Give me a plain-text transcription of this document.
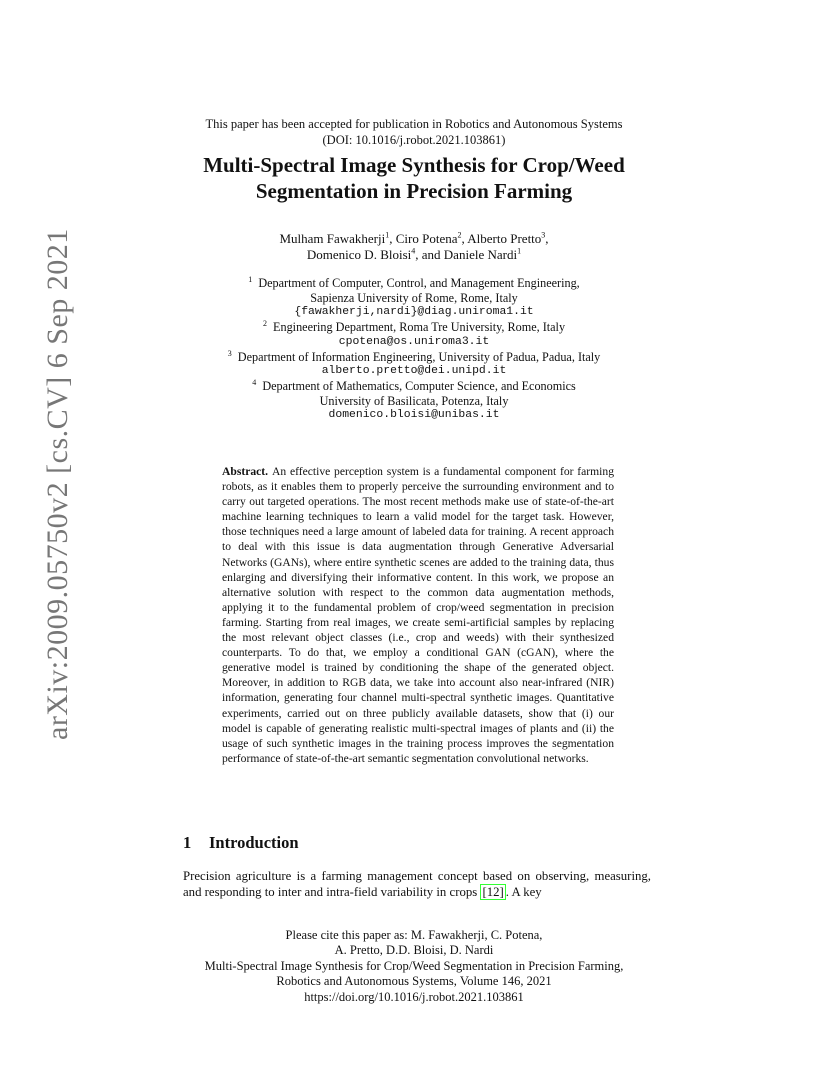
arXiv:2009.05750v2 [cs.CV] 6 Sep 2021
This paper has been accepted for publication in Robotics and Autonomous Systems
(DOI: 10.1016/j.robot.2021.103861)
Multi-Spectral Image Synthesis for Crop/Weed
Segmentation in Precision Farming
Mulham Fawakherji$^1$, Ciro Potena$^2$, Alberto Pretto$^3$,
Domenico D. Bloisi$^4$, and Daniele Nardi$^1$
$^1$ Department of Computer, Control, and Management Engineering,
Sapienza University of Rome, Rome, Italy
{fawakherji,nardi}@diag.uniroma1.it
$^2$ Engineering Department, Roma Tre University, Rome, Italy
cpotena@os.uniroma3.it
$^3$ Department of Information Engineering, University of Padua, Padua, Italy
alberto.pretto@dei.unipd.it
$^4$ Department of Mathematics, Computer Science, and Economics
University of Basilicata, Potenza, Italy
domenico.bloisi@unibas.it
Abstract. An effective perception system is a fundamental component for farming robots, as it enables them to properly perceive the surrounding environment and to carry out targeted operations. The most recent methods make use of state-of-the-art machine learning techniques to learn a valid model for the target task. However, those techniques need a large amount of labeled data for training. A recent approach to deal with this issue is data augmentation through Generative Adversarial Networks (GANs), where entire synthetic scenes are added to the training data, thus enlarging and diversifying their informative content. In this work, we propose an alternative solution with respect to the common data augmentation methods, applying it to the fundamental problem of crop/weed segmentation in precision farming. Starting from real images, we create semi-artificial samples by replacing the most relevant object classes (i.e., crop and weeds) with their synthesized counterparts. To do that, we employ a conditional GAN (cGAN), where the generative model is trained by conditioning the shape of the generated object. Moreover, in addition to RGB data, we take into account also near-infrared (NIR) information, generating four channel multi-spectral synthetic images. Quantitative experiments, carried out on three publicly available datasets, show that (i) our model is capable of generating realistic multi-spectral images of plants and (ii) the usage of such synthetic images in the training process improves the segmentation performance of state-of-the-art semantic segmentation convolutional networks.
1 Introduction
Precision agriculture is a farming management concept based on observing, measuring, and responding to inter and intra-field variability in crops [12] . A key
Please cite this paper as: M. Fawakherji, C. Potena,
A. Pretto, D.D. Bloisi, D. Nardi
Multi-Spectral Image Synthesis for Crop/Weed Segmentation in Precision Farming,
Robotics and Autonomous Systems, Volume 146, 2021
https://doi.org/10.1016/j.robot.2021.103861
